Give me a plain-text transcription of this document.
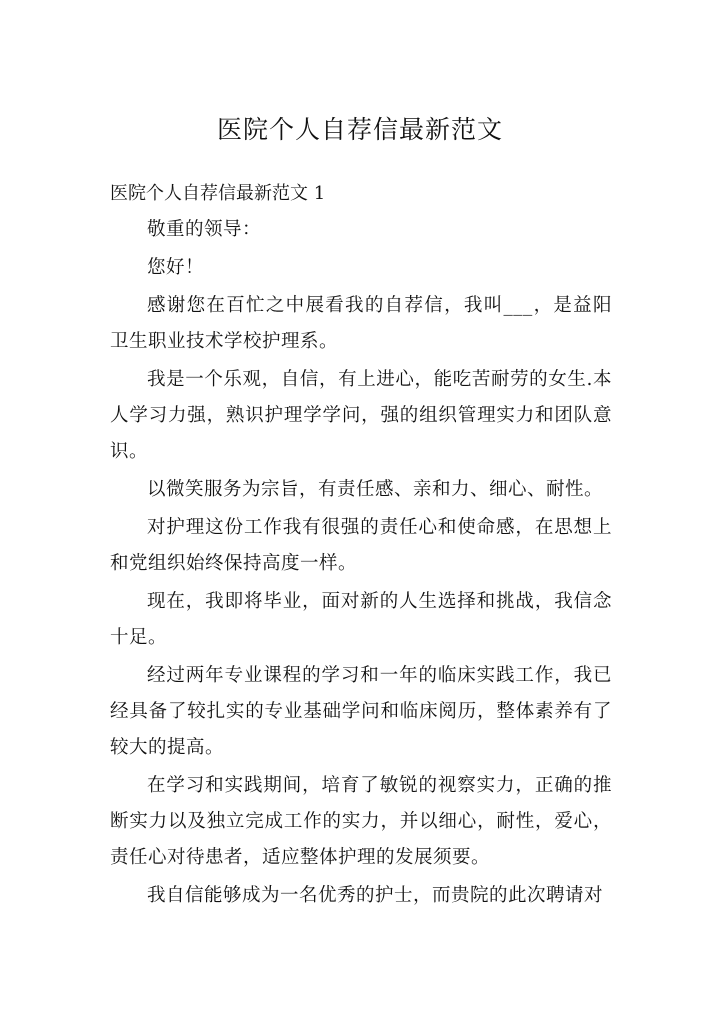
医院个人自荐信最新范文
医院个人自荐信最新范文 1

敬重的领导：

您好！

感谢您在百忙之中展看我的自荐信，我叫___，是益阳卫生职业技术学校护理系。

我是一个乐观，自信，有上进心，能吃苦耐劳的女生.本人学习力强，熟识护理学学问，强的组织管理实力和团队意识。

以微笑服务为宗旨，有责任感、亲和力、细心、耐性。

对护理这份工作我有很强的责任心和使命感，在思想上和党组织始终保持高度一样。

现在，我即将毕业，面对新的人生选择和挑战，我信念十足。

经过两年专业课程的学习和一年的临床实践工作，我已经具备了较扎实的专业基础学问和临床阅历，整体素养有了较大的提高。

在学习和实践期间，培育了敏锐的视察实力，正确的推断实力以及独立完成工作的实力，并以细心，耐性，爱心，责任心对待患者，适应整体护理的发展须要。

我自信能够成为一名优秀的护士，而贵院的此次聘请对
